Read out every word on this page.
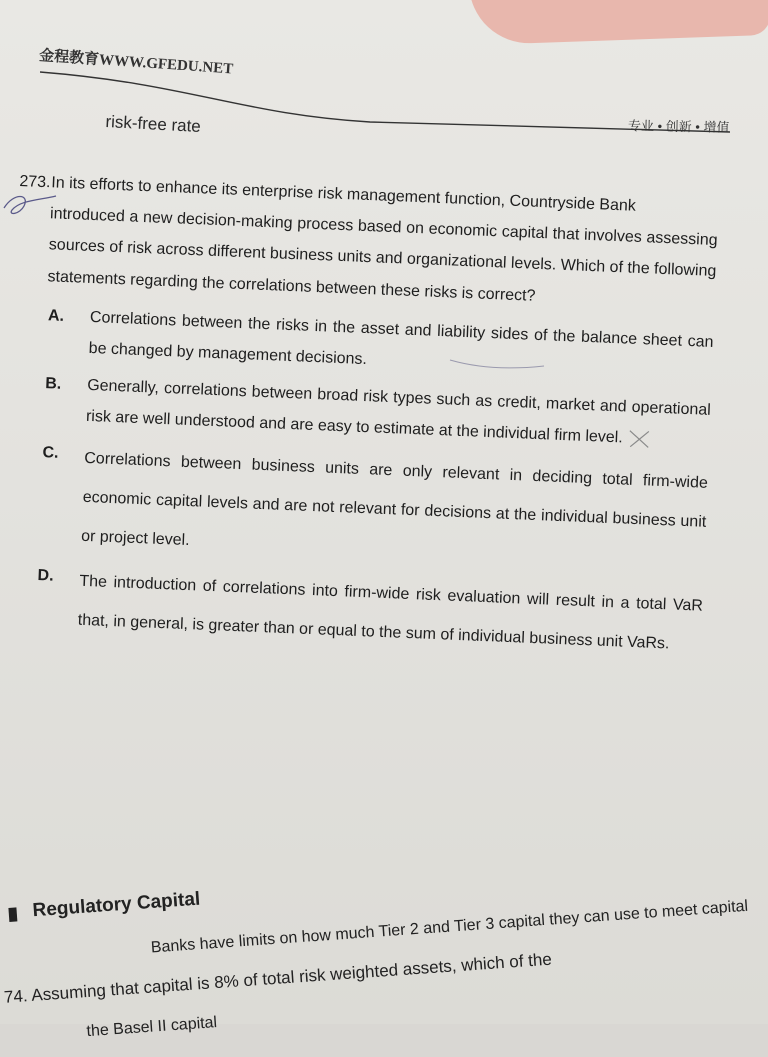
金程教育WWW.GFEDU.NET
risk-free rate	专业 • 创新 • 增值
273. In its efforts to enhance its enterprise risk management function, Countryside Bank
introduced a new decision-making process based on economic capital that involves assessing sources of risk across different business units and organizational levels. Which of the following statements regarding the correlations between these risks is correct?
A.	Correlations between the risks in the asset and liability sides of the balance sheet can be changed by management decisions.
B.	Generally, correlations between broad risk types such as credit, market and operational risk are well understood and are easy to estimate at the individual firm level.
C.	Correlations between business units are only relevant in deciding total firm-wide economic capital levels and are not relevant for decisions at the individual business unit or project level.
D.	The introduction of correlations into firm-wide risk evaluation will result in a total VaR that, in general, is greater than or equal to the sum of individual business unit VaRs.
Regulatory Capital
Banks have limits on how much Tier 2 and Tier 3 capital they can use to meet capital
74. Assuming that capital is 8% of total risk weighted assets, which of the
the Basel II capital
